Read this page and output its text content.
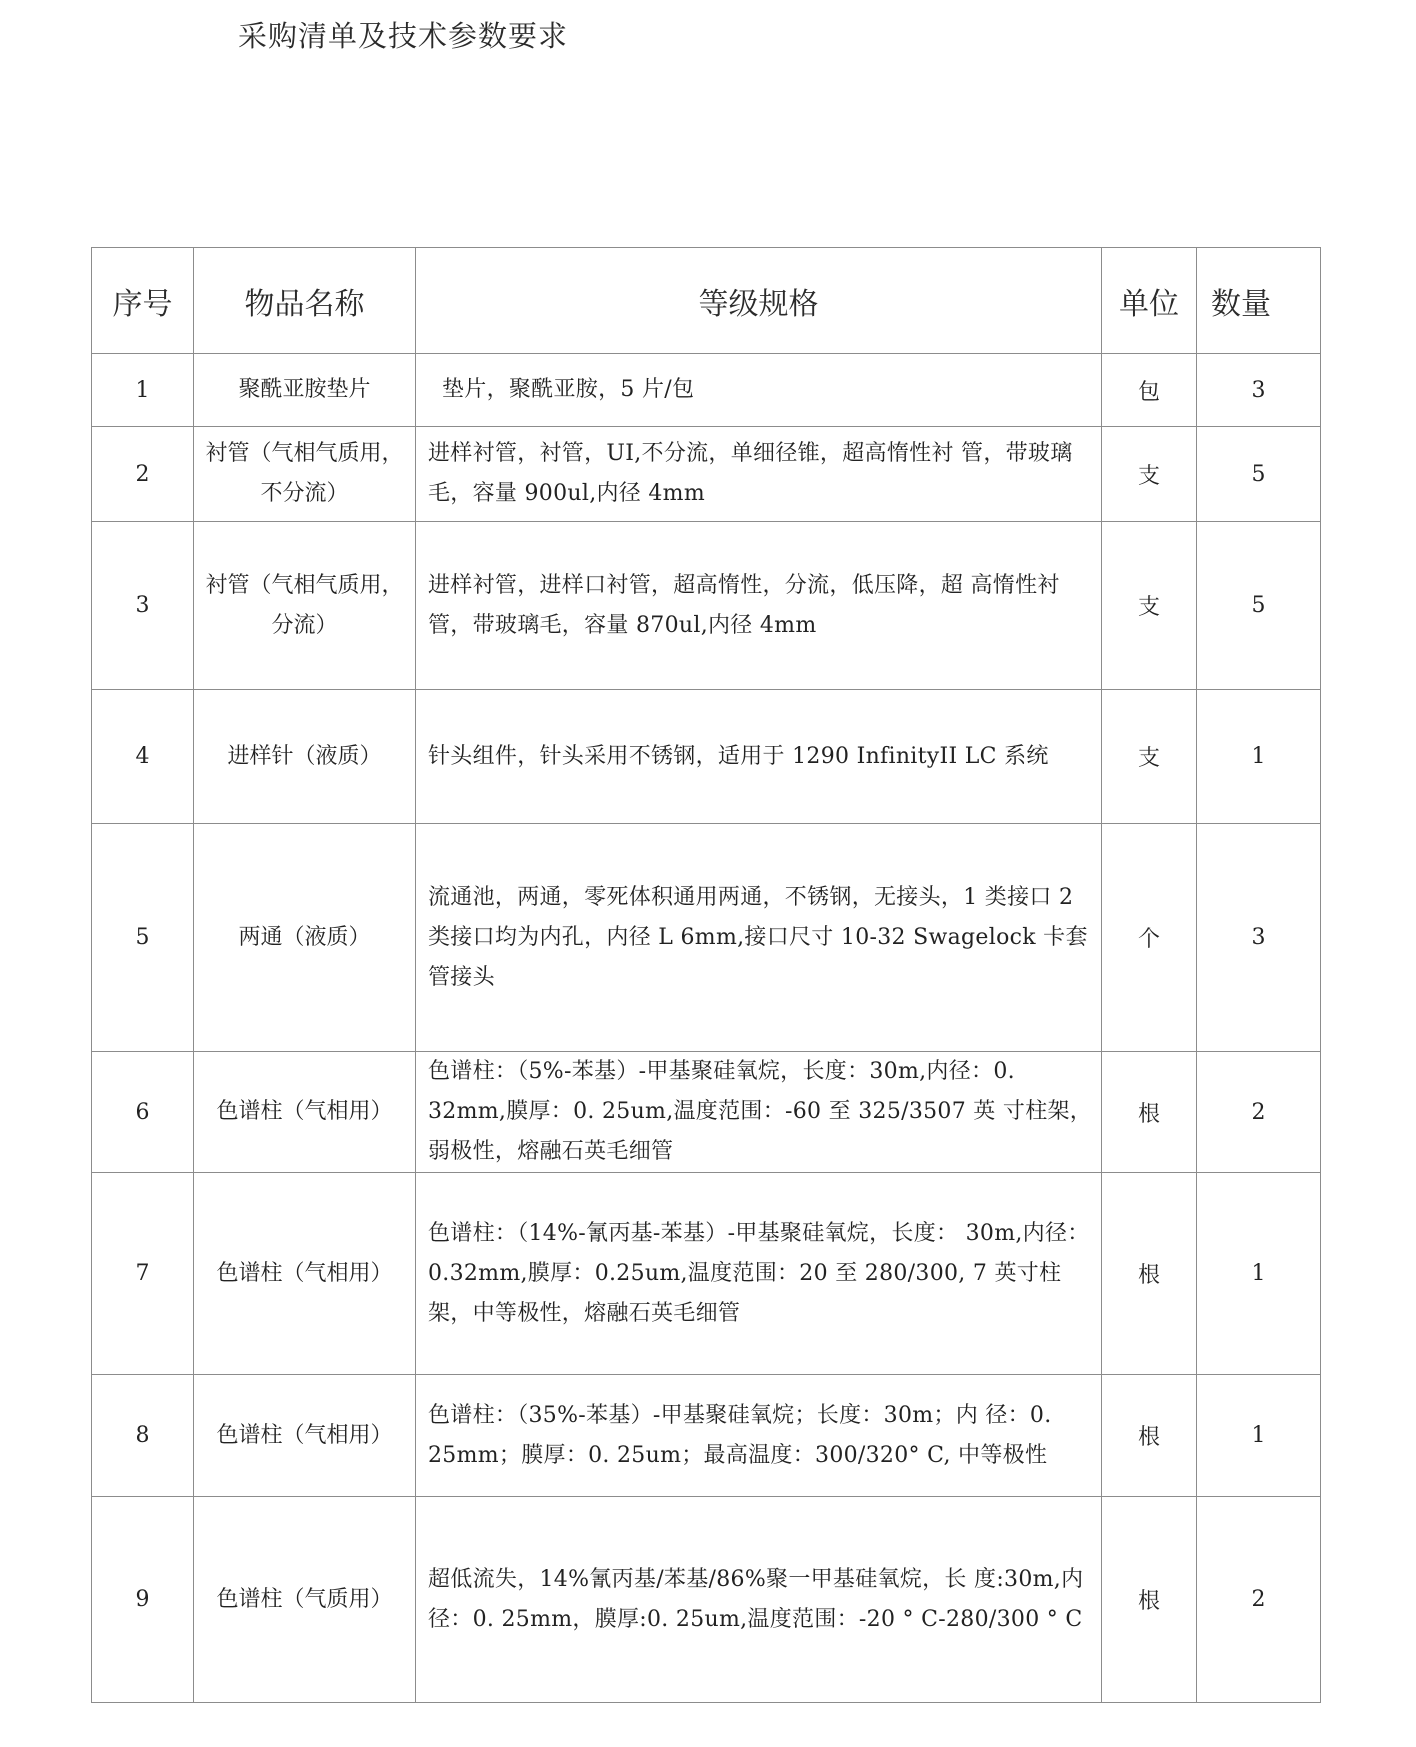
采购清单及技术参数要求
序号	物品名称	等级规格	单位	数量
1	聚酰亚胺垫片	垫片，聚酰亚胺，5 片/包	包	3
2	衬管（气相气质用，不分流）	进样衬管，衬管，UI,不分流，单细径锥，超高惰性衬 管，带玻璃毛，容量 900ul,内径 4mm	支	5
3	衬管（气相气质用，分流）	进样衬管，进样口衬管，超高惰性，分流，低压降，超 高惰性衬管，带玻璃毛，容量 870ul,内径 4mm	支	5
4	进样针（液质）	针头组件，针头采用不锈钢，适用于 1290 InfinityII LC 系统	支	1
5	两通（液质）	流通池，两通，零死体积通用两通，不锈钢，无接头，1 类接口 2 类接口均为内孔，内径 L 6mm,接口尺寸 10-32 Swagelock 卡套管接头	个	3
6	色谱柱（气相用）	色谱柱：（5%-苯基）-甲基聚硅氧烷，长度：30m,内径：0. 32mm,膜厚：0. 25um,温度范围：-60 至 325/3507 英 寸柱架，弱极性，熔融石英毛细管	根	2
7	色谱柱（气相用）	色谱柱：（14%-氰丙基-苯基）-甲基聚硅氧烷，长度： 30m,内径：0.32mm,膜厚：0.25um,温度范围：20 至 280/300, 7 英寸柱架，中等极性，熔融石英毛细管	根	1
8	色谱柱（气相用）	色谱柱：（35%-苯基）-甲基聚硅氧烷；长度：30m；内 径：0. 25mm；膜厚：0. 25um；最高温度：300/320° C, 中等极性	根	1
9	色谱柱（气质用）	超低流失，14%氰丙基/苯基/86%聚一甲基硅氧烷，长 度:30m,内径：0. 25mm，膜厚:0. 25um,温度范围：-20 ° C-280/300 ° C	根	2
